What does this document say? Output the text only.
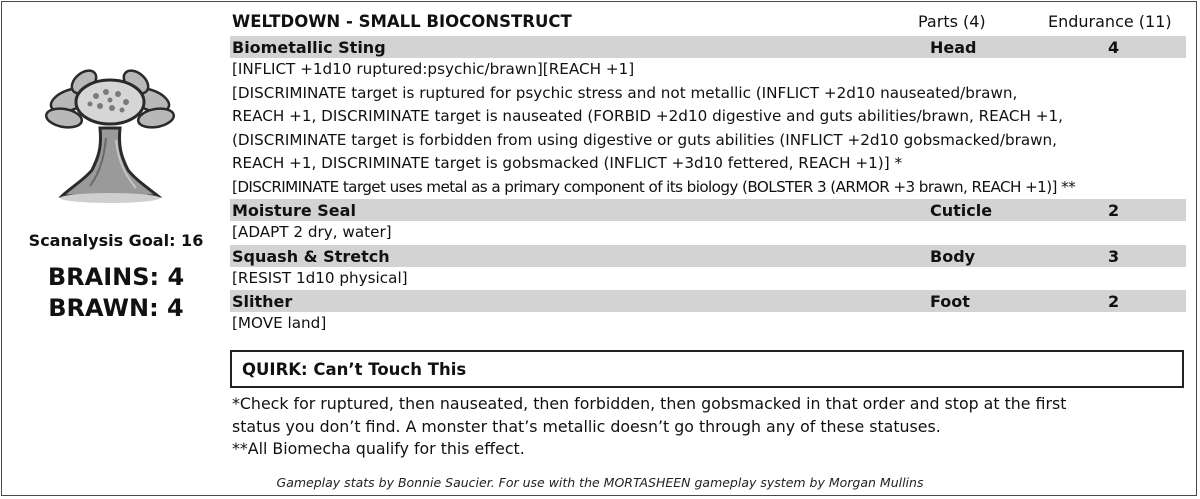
Scanalysis Goal: 16
BRAINS: 4
BRAWN: 4
WELTDOWN - SMALL BIOCONSTRUCT	Parts (4)	Endurance (11)
Biometallic Sting	Head	4
[INFLICT +1d10 ruptured:psychic/brawn][REACH +1]
[DISCRIMINATE target is ruptured for psychic stress and not metallic (INFLICT +2d10 nauseated/brawn,
REACH +1, DISCRIMINATE target is nauseated (FORBID +2d10 digestive and guts abilities/brawn, REACH +1,
(DISCRIMINATE target is forbidden from using digestive or guts abilities (INFLICT +2d10 gobsmacked/brawn,
REACH +1, DISCRIMINATE target is gobsmacked (INFLICT +3d10 fettered, REACH +1)] *
[DISCRIMINATE target uses metal as a primary component of its biology (BOLSTER 3 (ARMOR +3 brawn, REACH +1)] **
Moisture Seal	Cuticle	2
[ADAPT 2 dry, water]
Squash & Stretch	Body	3
[RESIST 1d10 physical]
Slither	Foot	2
[MOVE land]
QUIRK: Can’t Touch This
*Check for ruptured, then nauseated, then forbidden, then gobsmacked in that order and stop at the first
status you don’t find. A monster that’s metallic doesn’t go through any of these statuses.
**All Biomecha qualify for this effect.
Gameplay stats by Bonnie Saucier. For use with the MORTASHEEN gameplay system by Morgan Mullins
